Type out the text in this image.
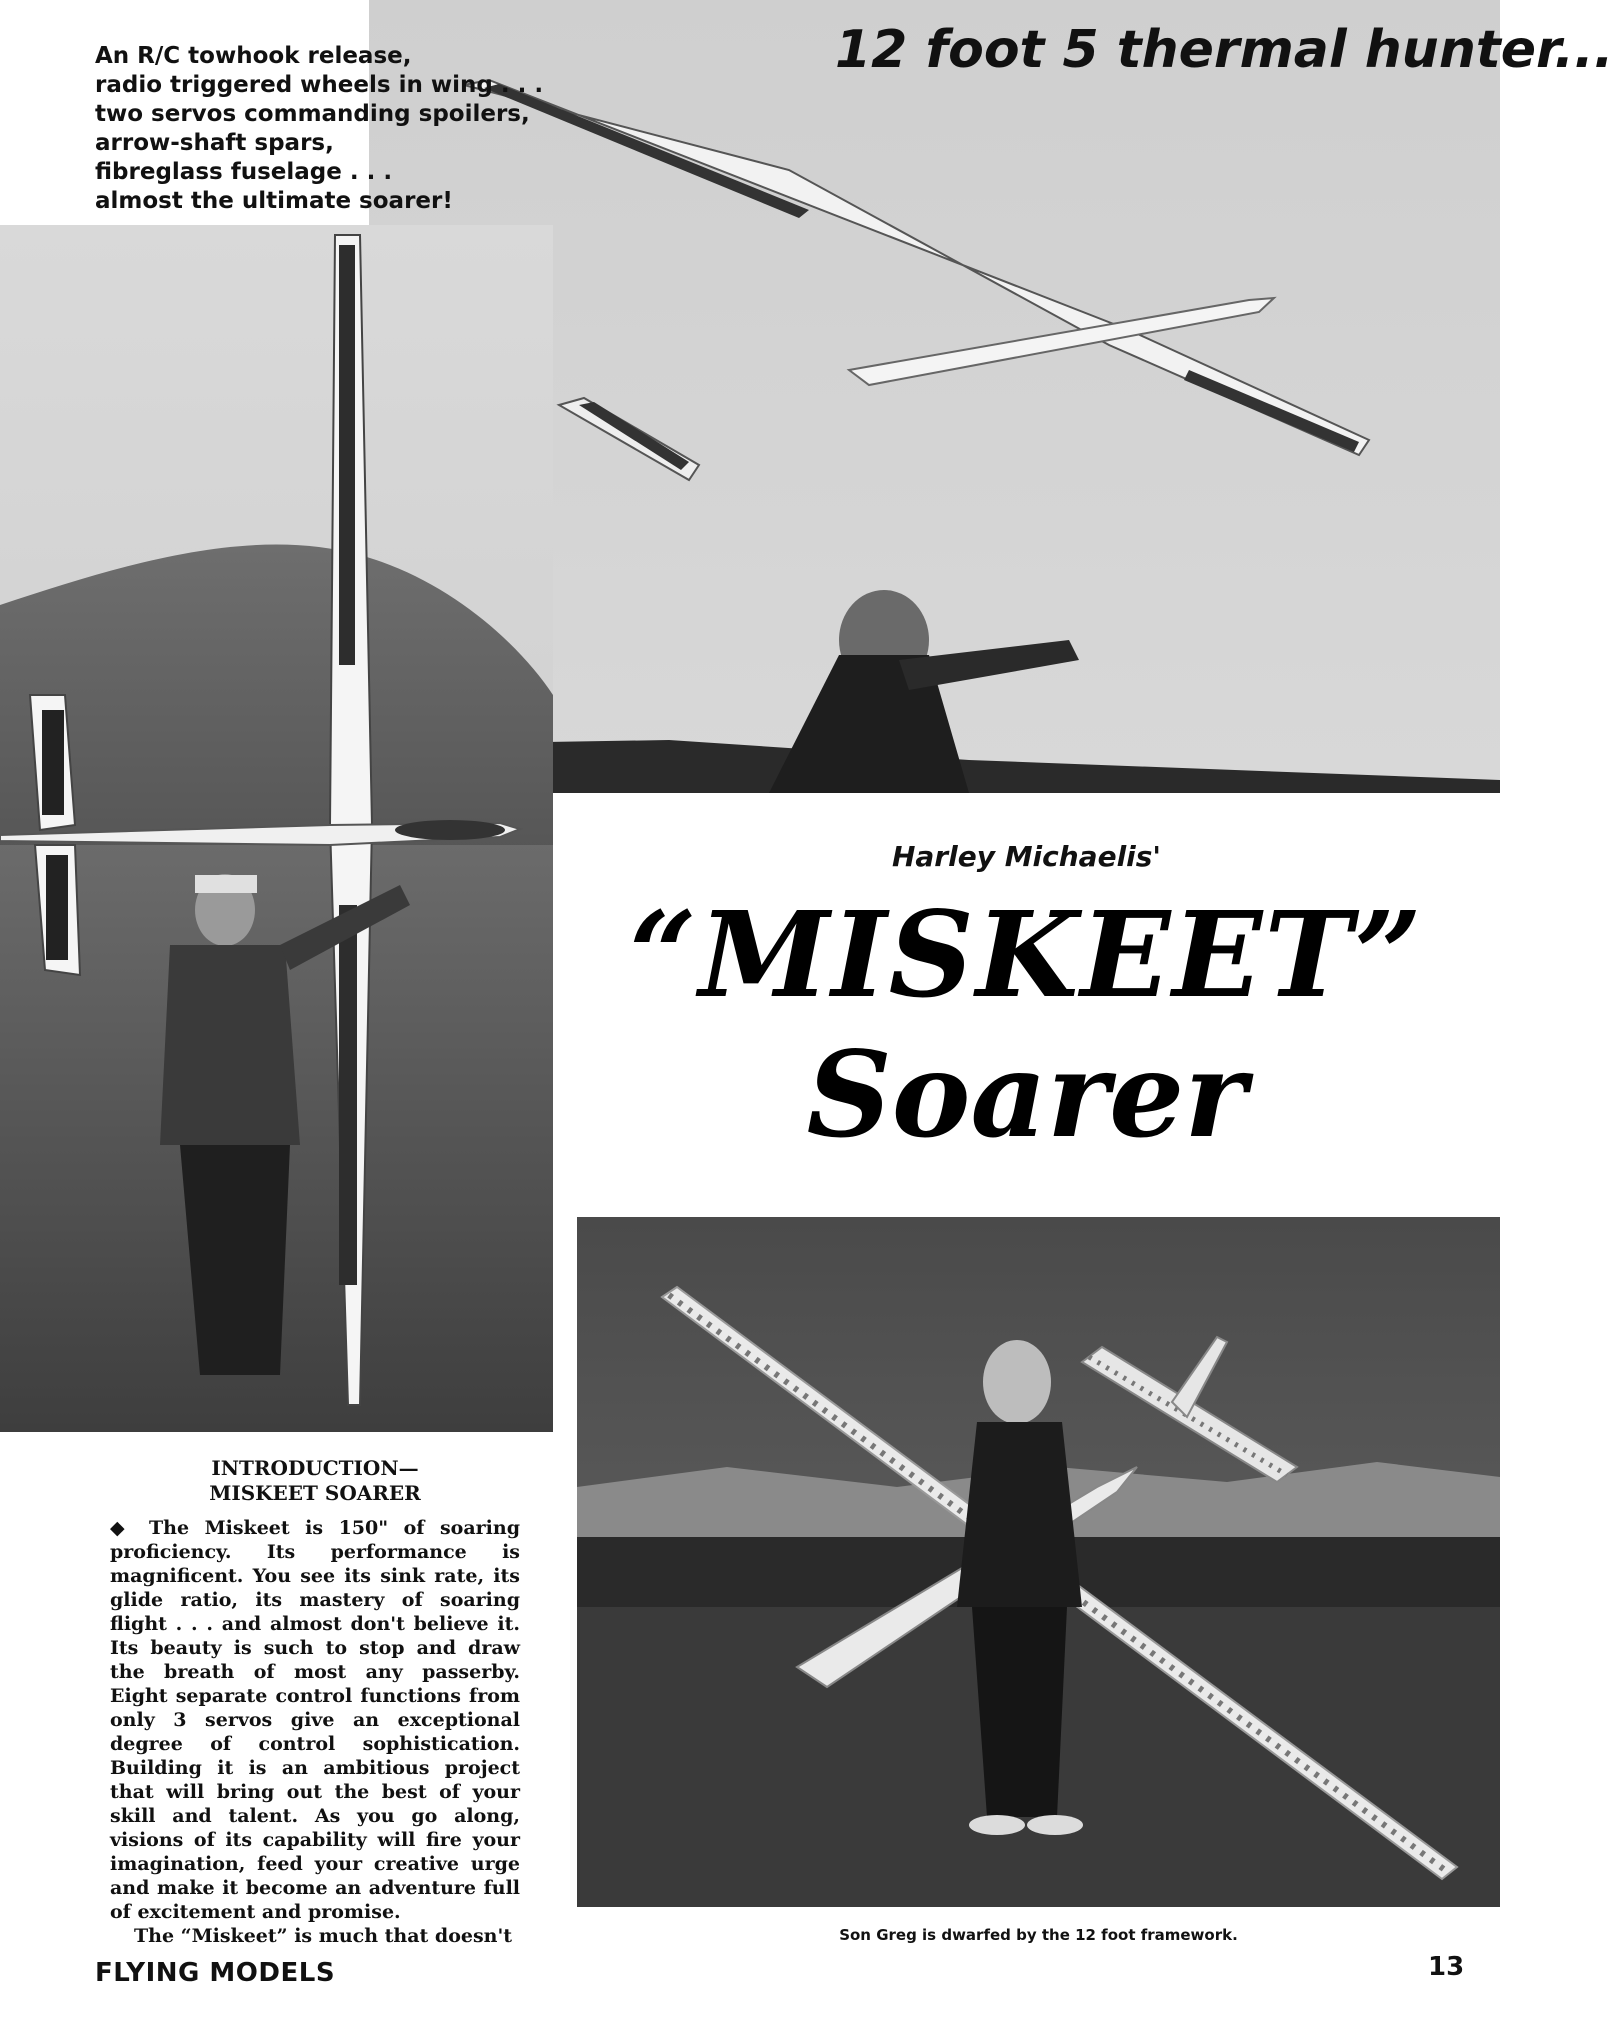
An R/C towhook release,
radio triggered wheels in wing . . .
two servos commanding spoilers,
arrow-shaft spars,
fibreglass fuselage . . .
almost the ultimate soarer!
12 foot 5 thermal hunter...
Harley Michaelis'
“MISKEET”
Soarer
INTRODUCTION—
MISKEET SOARER

◆ The Miskeet is 150" of soaring proficiency. Its performance is magnificent. You see its sink rate, its glide ratio, its mastery of soaring flight . . . and almost don't believe it. Its beauty is such to stop and draw the breath of most any passerby. Eight separate control functions from only 3 servos give an exceptional degree of control sophistication. Building it is an ambitious project that will bring out the best of your skill and talent. As you go along, visions of its capability will fire your imagination, feed your creative urge and make it become an adventure full of excitement and promise.

The “Miskeet” is much that doesn't	Son Greg is dwarfed by the 12 foot framework.
FLYING MODELS	13
